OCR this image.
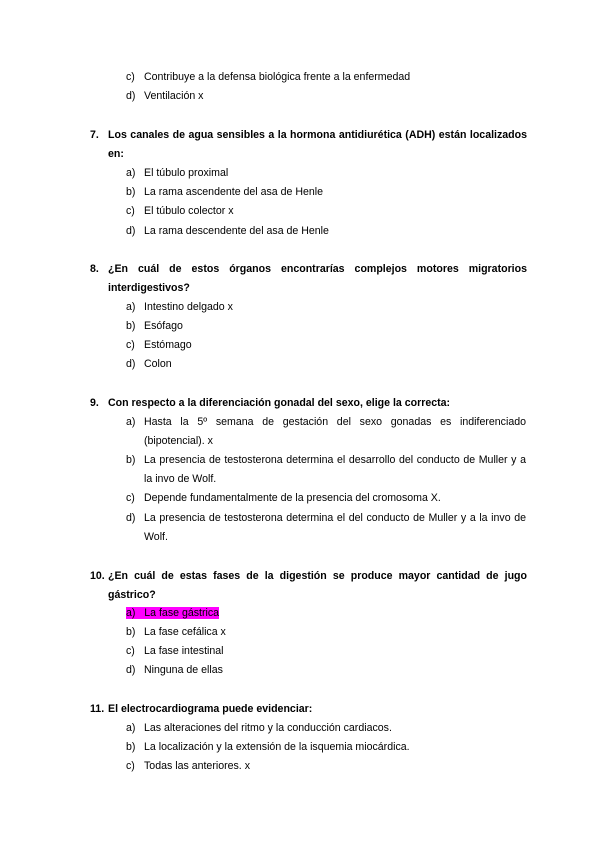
c) Contribuye a la defensa biológica frente a la enfermedad
d) Ventilación x
7. Los canales de agua sensibles a la hormona antidiurética (ADH) están localizados en:
a) El túbulo proximal
b) La rama ascendente del asa de Henle
c) El túbulo colector x
d) La rama descendente del asa de Henle
8. ¿En cuál de estos órganos encontrarías complejos motores migratorios interdigestivos?
a) Intestino delgado x
b) Esófago
c) Estómago
d) Colon
9. Con respecto a la diferenciación gonadal del sexo, elige la correcta:
a) Hasta la 5º semana de gestación del sexo gonadas es indiferenciado (bipotencial). x
b) La presencia de testosterona determina el desarrollo del conducto de Muller y a la invo de Wolf.
c) Depende fundamentalmente de la presencia del cromosoma X.
d) La presencia de testosterona determina el del conducto de Muller y a la invo de Wolf.
10. ¿En cuál de estas fases de la digestión se produce mayor cantidad de jugo gástrico?
a) La fase gástrica
b) La fase cefálica x
c) La fase intestinal
d) Ninguna de ellas
11. El electrocardiograma puede evidenciar:
a) Las alteraciones del ritmo y la conducción cardiacos.
b) La localización y la extensión de la isquemia miocárdica.
c) Todas las anteriores. x
